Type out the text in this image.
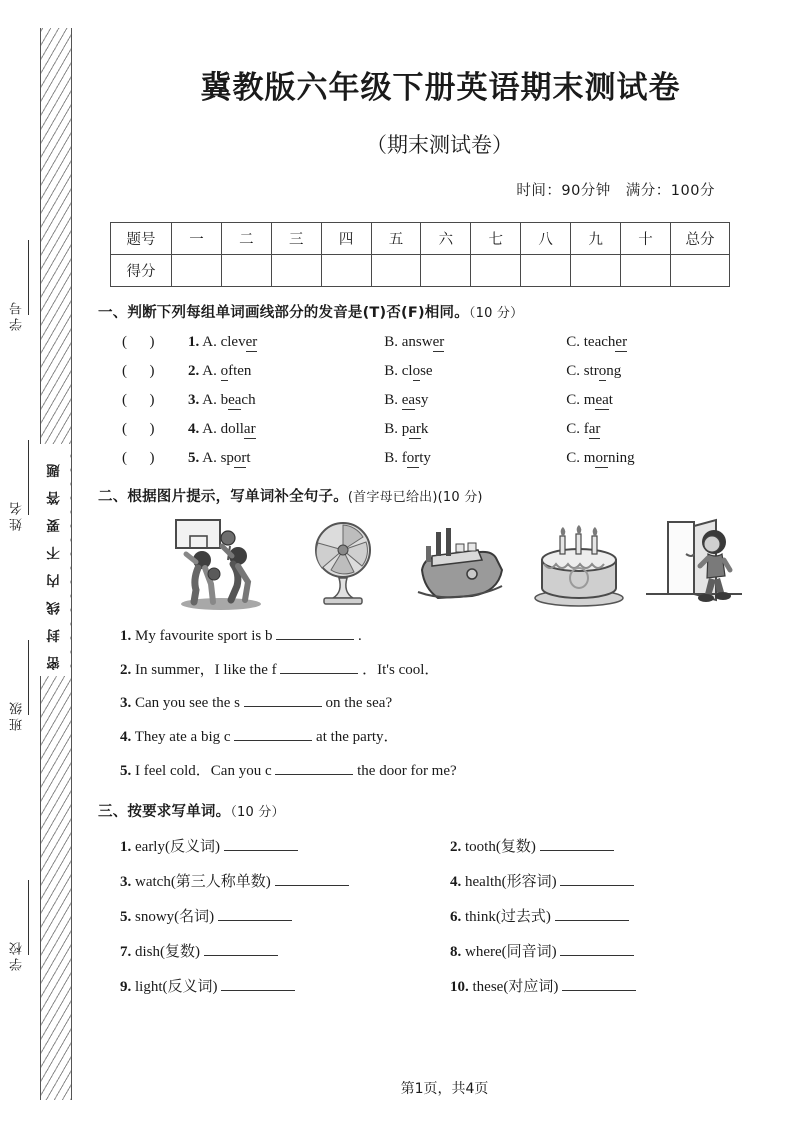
密封线内不要答题
学号
姓名
班级
学校
冀教版六年级下册英语期末测试卷
（期末测试卷）
时间：90分钟　满分：100分
题号	一	二	三	四	五	六	七	八	九	十	总分
得分											
一、判断下列每组单词画线部分的发音是(T)否(F)相同。（10 分）
(      )	1. A. clever	B. answer	C. teacher
(      )	2. A. often	B. close	C. strong
(      )	3. A. beach	B. easy	C. meat
(      )	4. A. dollar	B. park	C. far
(      )	5. A. sport	B. forty	C. morning
二、根据图片提示，写单词补全句子。(首字母已给出)(10 分)
1. My favourite sport is b	.
2. In summer，I like the f	．It's cool．
3. Can you see the s	on the sea?
4. They ate a big c	at the party．
5. I feel cold．Can you c	the door for me?
三、按要求写单词。（10 分）
1. early(反义词)	2. tooth(复数)
3. watch(第三人称单数)	4. health(形容词)
5. snowy(名词)	6. think(过去式)
7. dish(复数)	8. where(同音词)
9. light(反义词)	10. these(对应词)
第1页，共4页
